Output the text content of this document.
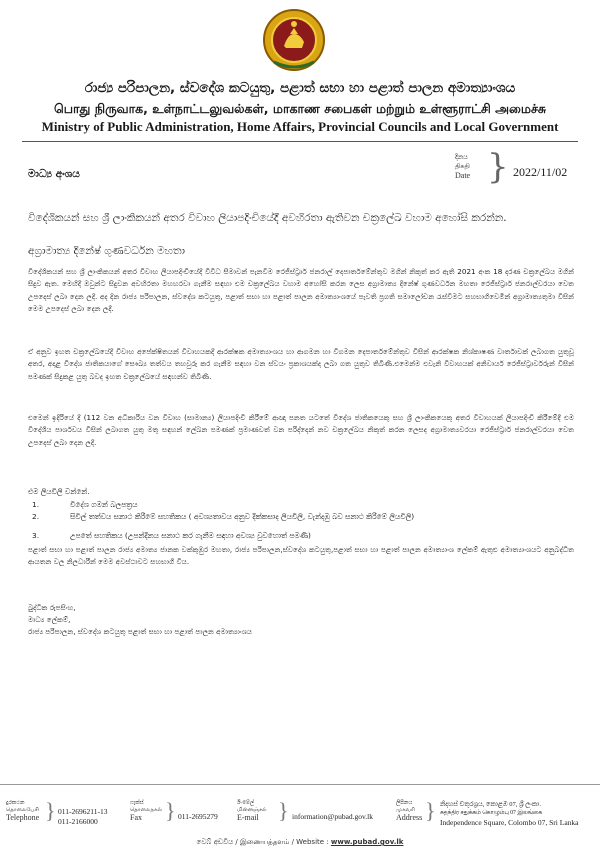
රාජ්‍ය පරිපාලන, ස්වදේශ කටයුතු, පළාත් සභා හා පළාත් පාලන අමාත්‍යාංශය
பொது நிருவாக, உள்நாட்டலுவல்கள், மாகாண சபைகள் மற்றும் உள்ளூராட்சி அமைச்சு
Ministry of Public Administration, Home Affairs, Provincial Councils and Local Government
මාධ්‍ය අංශය
දිනය
திகதி
Date } 2022/11/02
විදේශිකයන් සහ ශ්‍රී ලාංකිකයන් අතර විවාහ ලියාපදිංචියේදී අවහිරතා ඇතිවන චක්‍රලේඛ වහාම අහෝසි කරන්න.
අග්‍රාමාත්‍ය දිනේෂ් ගුණවර්ධන මහතා
විදේශිකයන් සහ ශ්‍රී ලාංකිකයන් අතර විවාහ ලියාපදිංචියේදී විවිධ සීමාවන් පැනවීම රෙජිස්ට්‍රාර් ජනරාල් දෙපාර්තමේන්තුව මගින් නිකුත් කර ඇති 2021 අංක 18 දරණ චක්‍රලේඛය මගින් සිදුව ඇත. මෙහිදී ඔවුන්ට සිදුවන අවහිරතා මහහරවා ගැනීම සඳහා එම චක්‍රලේඛය වහාම අහෝසි කරන ලෙස අග්‍රාමාත්‍ය දිනේෂ් ගුණවර්ධන මහතා රෙජිස්ට්‍රාර් ජනරාල්වරයා වෙත උපදෙස් ලබා දෙන ලදී. අද දින රාජ්‍ය පරිපාලන, ස්වදේශ කටයුතු, පළාත් සභා හා පළාත් පාලන අමාත්‍යාංශයේ පැවති ප්‍රගති සමාලෝචන රැස්වීමට සහභාගිවෙමින් අග්‍රාමාත්‍යතුමා විසින් මෙම උපදෙස් ලබා දෙන ලදී.
ඒ අනුව ඉහත චක්‍රලේඛයේදී විවාහ අපේක්ෂිතයන් විවාහයකදී ආරක්ෂක අමාත්‍යාංශය හා ආගමන හා විගමන දෙපාර්තමේන්තුව විසින් ආරක්ෂක නිශ්කාෂණ වාර්තාවක් ලබාගත යුතුවූ අතර, අදාළ විදේශ ජාතිකයාගේ සෞඛ්‍ය තත්වය තහවුරු කර ගැනීම සඳහා වන ස්වයං ප්‍රකාශයක්ද ලබා ගත යුතුව තිබිණි.එමෙන්ම එවැනි විවාහයක් අනිවාර්ය රෙජිස්ට්‍රාර්වරුන් විසින් පමණක් සිදුකළ යුතු බවද ඉහත චක්‍රලේඛයේ සඳහන්ව තිබිණි.
එමෙන් ඉදිරියේ දී (112 වන අධිකාරිය වන විවාහ (සාමාන්‍ය) ලියාපදිංචි කිරීමේ ආඥා පනත යටතේ විදේශ ජාතිකයෙකු සහ ශ්‍රී ලාංකිකයෙකු අතර විවාහයක් ලියාපදිංචි කිරීමේදී එම විදේශීය පාර්ශවය විසින් ලබාගත යුතු මතු සඳහන් ලේඛන පමණක් ප්‍රමාණවත් වන පරිද්දෙන් නව චක්‍රලේඛය නිකුත් කරන ලෙසද අග්‍රාමාත්‍යවරයා රෙජිස්ට්‍රාර් ජනරාල්වරයා වෙත උපදෙස් ලබා දෙන ලදී.
එම ලියවිලි වන්නේ.
1.	විදේශ ගමන් බලපත්‍රය
2.	සිවිල් තත්වය සනාථ කිරීමේ සහතිකය ( අවශ්‍යතාවය අනුව දික්කසාද ලියවිලි, වැන්දඹු බව සනාථ කිරීමේ ලියවිලි)
3.	උපතේ සහතිකය (උපන්දිනය සනාථ කර ගැනීම සඳහා අවශ්‍ය වුවහොත් පමණි)
පළාත් සභා හා පළාත් පාලන රාජ්‍ය අමාත්‍ය ජානක වක්කුඹුර මහතා, රාජ්‍ය පරිපාලන,ස්වදේශ කටයුතු,පළාත් සභා හා පළාත් පාලන අමාත්‍යාංශ ලේකම් ඇතුළු අමාත්‍යාංශයට අනුබද්ධිත ආයතන වල නිලධාරීන් මෙම අවස්ථාවට සහභාගී විය.
බුද්ධික රුපසිංහ,
මාධ්‍ය ලේකම්,
රාජ්‍ය පරිපාලන, ස්වදේශ කටයුතු පළාත් සභා හා පළාත් පාලන අමාත්‍යාංශය
දුරකථන
தொலைபேசி
Telephone } 011-2696211-13
011-2166000
ෆැක්ස්
தொலைநகல்
Fax	} 011-2695279
ඊ-මේල්
மின்னஞ்சல்
E-mail } information@pubad.gov.lk
ලිපිනය
முகவரி
Address } නිදහස් චතුරශ්‍රය, කොළඹ 07, ශ්‍රී ලංකා.
சுதந்திர சதுக்கம் கொழும்பு 07 இலங்கை
Independence Square, Colombo 07, Sri Lanka
වෙබ් අඩවිය / இணையத்தளம் / Website : www.pubad.gov.lk
